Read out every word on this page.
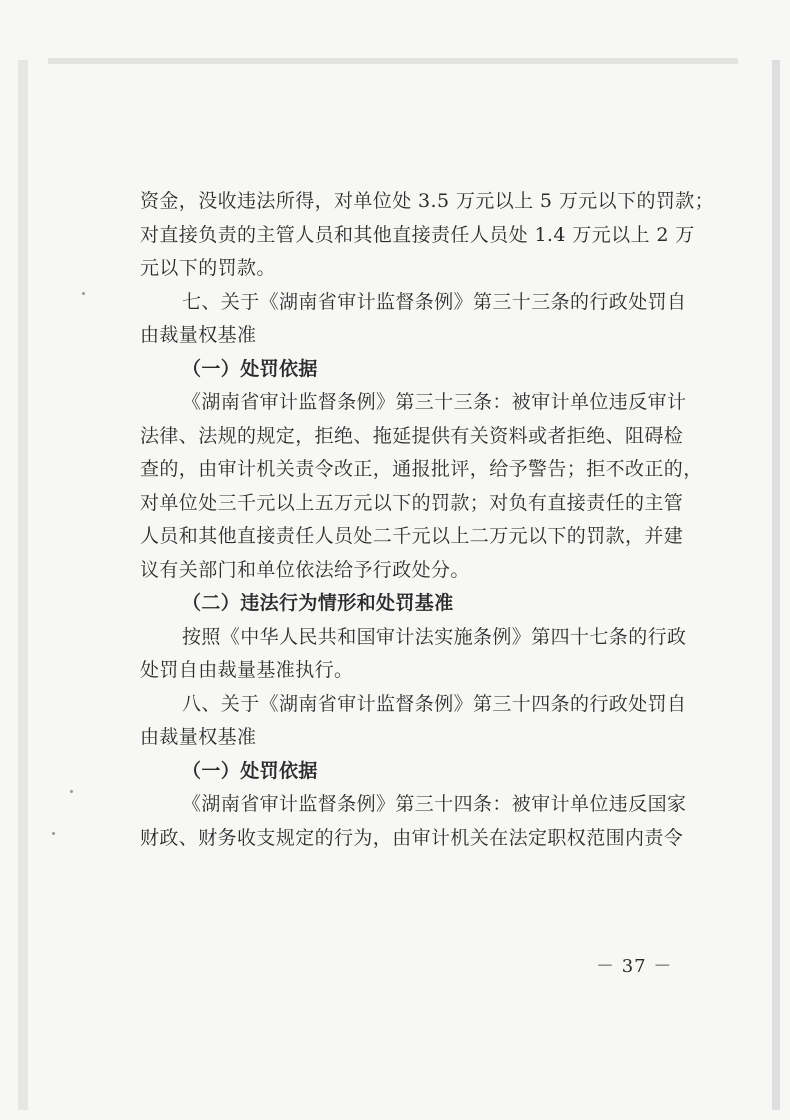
资金，没收违法所得，对单位处 3.5 万元以上 5 万元以下的罚款；
对直接负责的主管人员和其他直接责任人员处 1.4 万元以上 2 万
元以下的罚款。
七、关于《湖南省审计监督条例》第三十三条的行政处罚自
由裁量权基准
（一）处罚依据
《湖南省审计监督条例》第三十三条：被审计单位违反审计
法律、法规的规定，拒绝、拖延提供有关资料或者拒绝、阻碍检
查的，由审计机关责令改正，通报批评，给予警告；拒不改正的，
对单位处三千元以上五万元以下的罚款；对负有直接责任的主管
人员和其他直接责任人员处二千元以上二万元以下的罚款，并建
议有关部门和单位依法给予行政处分。
（二）违法行为情形和处罚基准
按照《中华人民共和国审计法实施条例》第四十七条的行政
处罚自由裁量基准执行。
八、关于《湖南省审计监督条例》第三十四条的行政处罚自
由裁量权基准
（一）处罚依据
《湖南省审计监督条例》第三十四条：被审计单位违反国家
财政、财务收支规定的行为，由审计机关在法定职权范围内责令
－ 37 －
